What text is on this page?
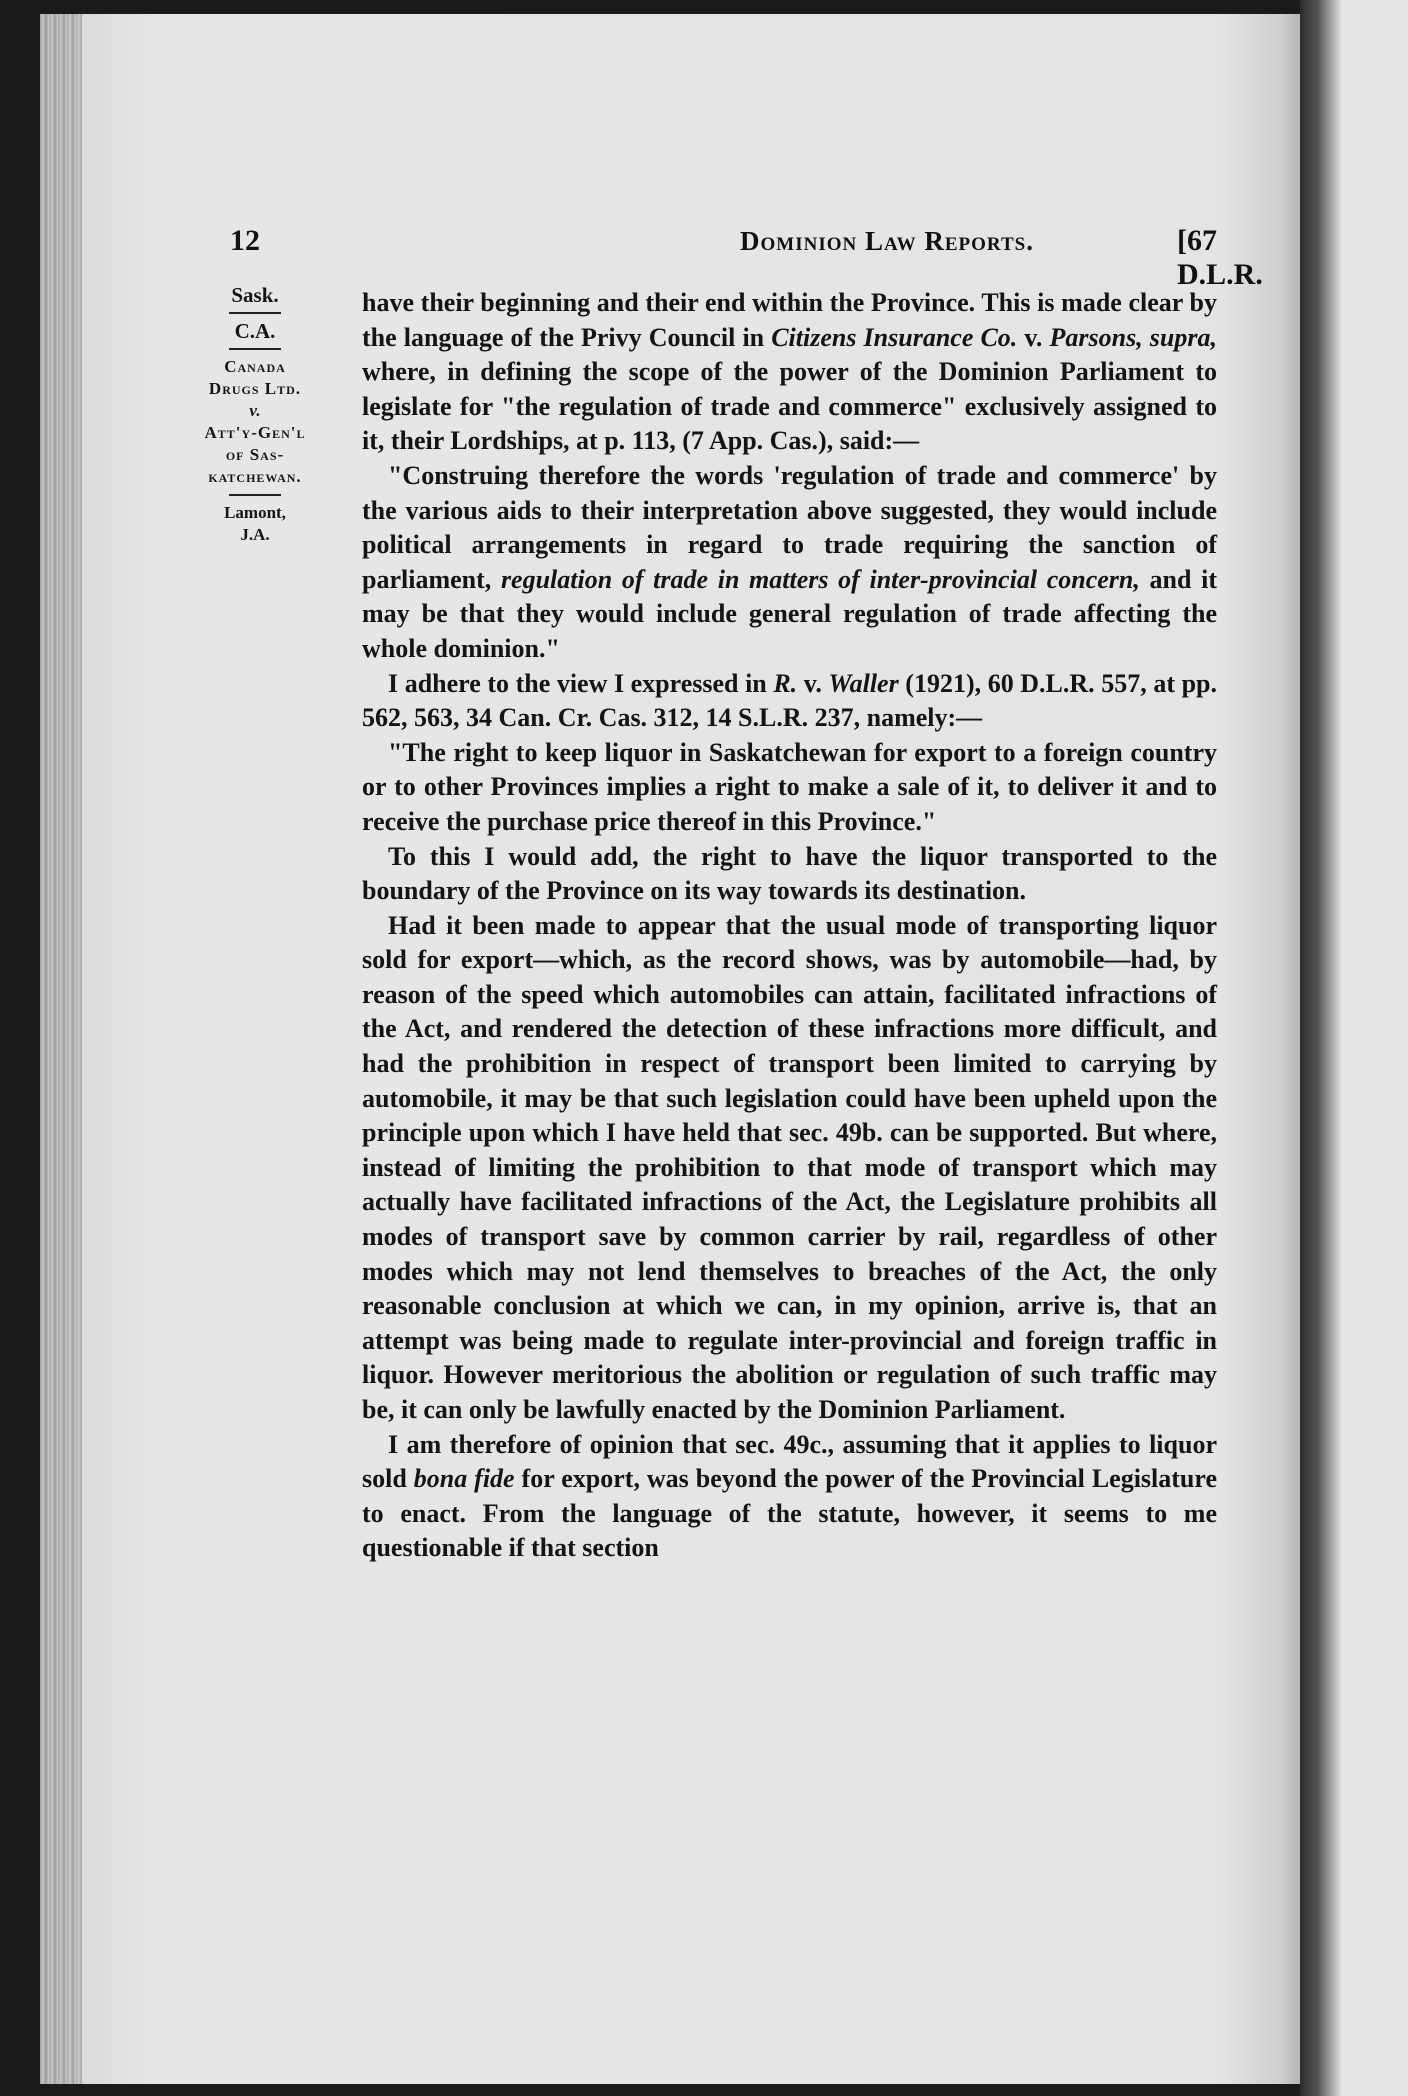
12	Dominion Law Reports.	[67 D.L.R.
Sask.
C.A.
Canada
Drugs Ltd.
v.
Att'y-Gen'l
of Sas-
katchewan.
Lamont,
J.A.

have their beginning and their end within the Province. This is made clear by the language of the Privy Council in Citizens Insurance Co. v. Parsons, supra, where, in defining the scope of the power of the Dominion Parliament to legislate for "the regulation of trade and commerce" exclusively assigned to it, their Lordships, at p. 113, (7 App. Cas.), said:—

"Construing therefore the words 'regulation of trade and commerce' by the various aids to their interpretation above suggested, they would include political arrangements in regard to trade requiring the sanction of parliament, regulation of trade in matters of inter-provincial concern, and it may be that they would include general regulation of trade affecting the whole dominion."

I adhere to the view I expressed in R. v. Waller (1921), 60 D.L.R. 557, at pp. 562, 563, 34 Can. Cr. Cas. 312, 14 S.L.R. 237, namely:—

"The right to keep liquor in Saskatchewan for export to a foreign country or to other Provinces implies a right to make a sale of it, to deliver it and to receive the purchase price thereof in this Province."

To this I would add, the right to have the liquor transported to the boundary of the Province on its way towards its destination.

Had it been made to appear that the usual mode of transporting liquor sold for export—which, as the record shows, was by automobile—had, by reason of the speed which automobiles can attain, facilitated infractions of the Act, and rendered the detection of these infractions more difficult, and had the prohibition in respect of transport been limited to carrying by automobile, it may be that such legislation could have been upheld upon the principle upon which I have held that sec. 49b. can be supported. But where, instead of limiting the prohibition to that mode of transport which may actually have facilitated infractions of the Act, the Legislature prohibits all modes of transport save by common carrier by rail, regardless of other modes which may not lend themselves to breaches of the Act, the only reasonable conclusion at which we can, in my opinion, arrive is, that an attempt was being made to regulate inter-provincial and foreign traffic in liquor. However meritorious the abolition or regulation of such traffic may be, it can only be lawfully enacted by the Dominion Parliament.

I am therefore of opinion that sec. 49c., assuming that it applies to liquor sold bona fide for export, was beyond the power of the Provincial Legislature to enact. From the language of the statute, however, it seems to me questionable if that section
